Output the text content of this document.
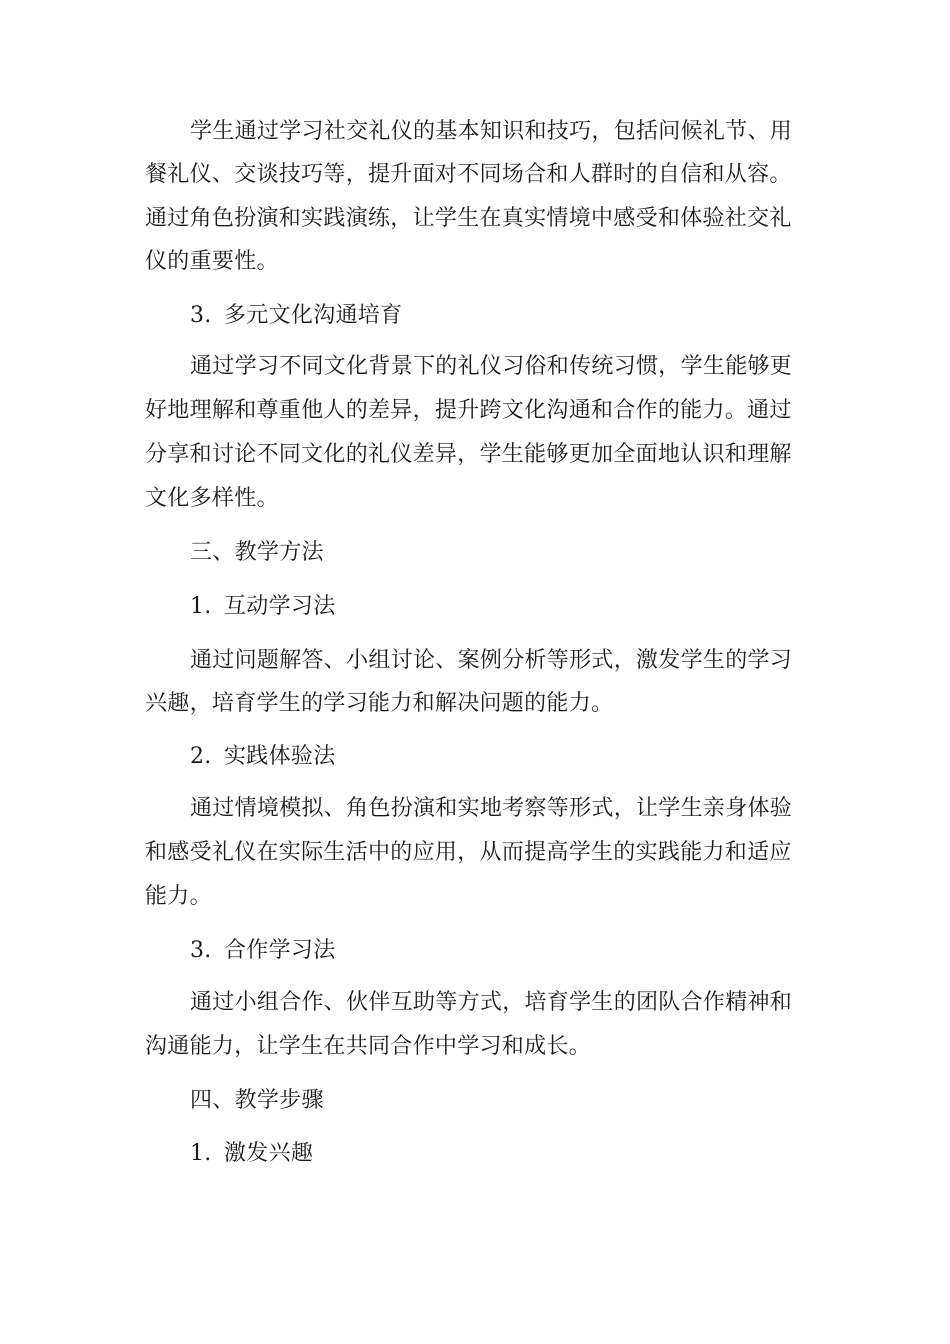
学生通过学习社交礼仪的基本知识和技巧，包括问候礼节、用
餐礼仪、交谈技巧等，提升面对不同场合和人群时的自信和从容。
通过角色扮演和实践演练，让学生在真实情境中感受和体验社交礼
仪的重要性。
3. 多元文化沟通培育
通过学习不同文化背景下的礼仪习俗和传统习惯，学生能够更
好地理解和尊重他人的差异，提升跨文化沟通和合作的能力。通过
分享和讨论不同文化的礼仪差异，学生能够更加全面地认识和理解
文化多样性。
三、教学方法
1. 互动学习法
通过问题解答、小组讨论、案例分析等形式，激发学生的学习
兴趣，培育学生的学习能力和解决问题的能力。
2. 实践体验法
通过情境模拟、角色扮演和实地考察等形式，让学生亲身体验
和感受礼仪在实际生活中的应用，从而提高学生的实践能力和适应
能力。
3. 合作学习法
通过小组合作、伙伴互助等方式，培育学生的团队合作精神和
沟通能力，让学生在共同合作中学习和成长。
四、教学步骤
1. 激发兴趣
